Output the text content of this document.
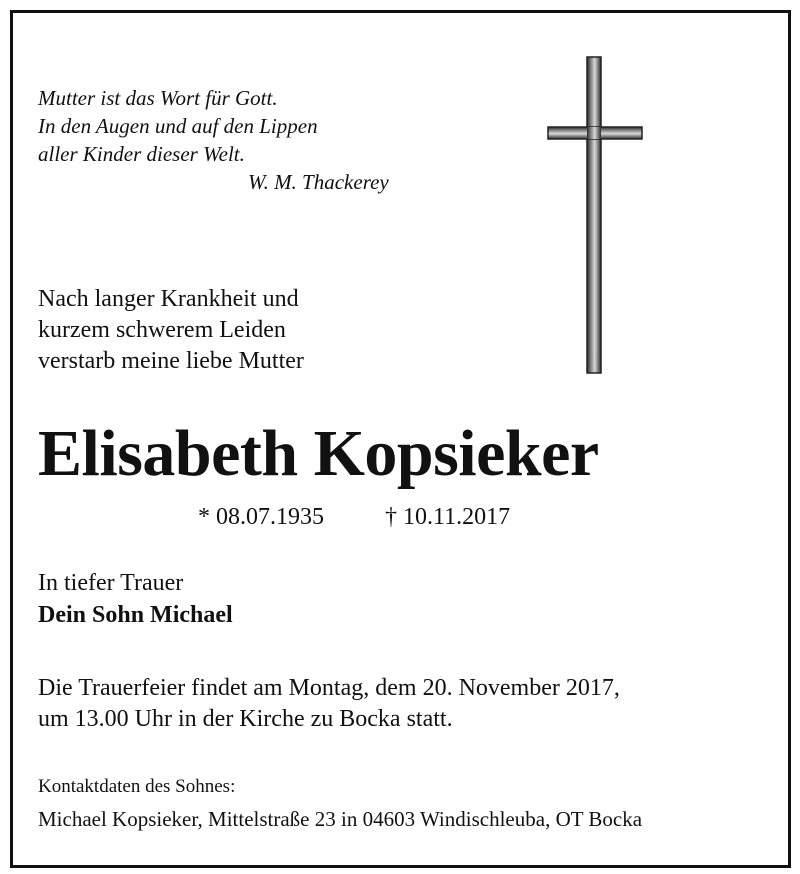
Mutter ist das Wort für Gott.
In den Augen und auf den Lippen
aller Kinder dieser Welt.
W. M. Thackerey
Nach langer Krankheit und
kurzem schwerem Leiden
verstarb meine liebe Mutter
Elisabeth Kopsieker
* 08.07.1935	† 10.11.2017
In tiefer Trauer
Dein Sohn Michael
Die Trauerfeier findet am Montag, dem 20. November 2017,
um 13.00 Uhr in der Kirche zu Bocka statt.
Kontaktdaten des Sohnes:
Michael Kopsieker, Mittelstraße 23 in 04603 Windischleuba, OT Bocka
